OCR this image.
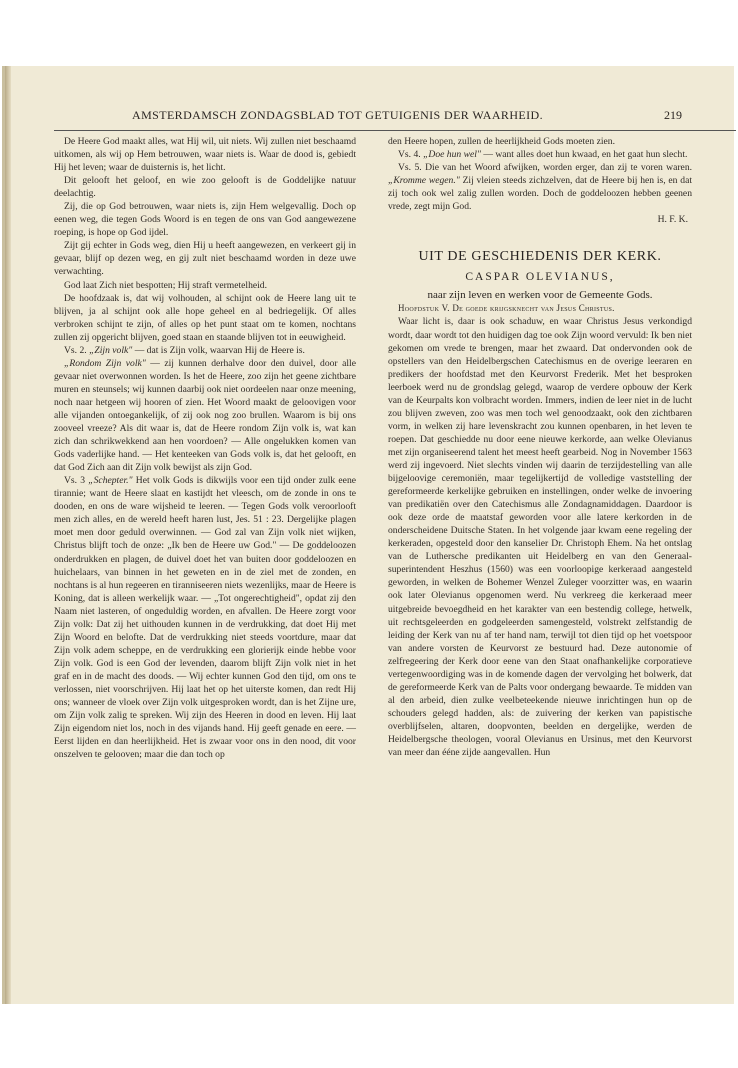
AMSTERDAMSCH ZONDAGSBLAD TOT GETUIGENIS DER WAARHEID.	219

De Heere God maakt alles, wat Hij wil, uit niets. Wij zullen niet beschaamd uitkomen, als wij op Hem betrouwen, waar niets is. Waar de dood is, gebiedt Hij het leven; waar de duisternis is, het licht.

Dit gelooft het geloof, en wie zoo gelooft is de Goddelijke natuur deelachtig.

Zij, die op God betrouwen, waar niets is, zijn Hem welgevallig. Doch op eenen weg, die tegen Gods Woord is en tegen de ons van God aangewezene roeping, is hope op God ijdel.

Zijt gij echter in Gods weg, dien Hij u heeft aangewezen, en verkeert gij in gevaar, blijf op dezen weg, en gij zult niet beschaamd worden in deze uwe verwachting.

God laat Zich niet bespotten; Hij straft vermetelheid.

De hoofdzaak is, dat wij volhouden, al schijnt ook de Heere lang uit te blijven, ja al schijnt ook alle hope geheel en al bedriegelijk. Of alles verbroken schijnt te zijn, of alles op het punt staat om te komen, nochtans zullen zij opgericht blijven, goed staan en staande blijven tot in eeuwigheid.

Vs. 2. „Zijn volk" — dat is Zijn volk, waarvan Hij de Heere is.

„Rondom Zijn volk" — zij kunnen derhalve door den duivel, door alle gevaar niet overwonnen worden. Is het de Heere, zoo zijn het geene zichtbare muren en steunsels; wij kunnen daarbij ook niet oordeelen naar onze meening, noch naar hetgeen wij hooren of zien. Het Woord maakt de geloovigen voor alle vijanden ontoegankelijk, of zij ook nog zoo brullen. Waarom is bij ons zooveel vreeze? Als dit waar is, dat de Heere rondom Zijn volk is, wat kan zich dan schrikwekkend aan hen voordoen? — Alle ongelukken komen van Gods vaderlijke hand. — Het kenteeken van Gods volk is, dat het gelooft, en dat God Zich aan dit Zijn volk bewijst als zijn God.

Vs. 3 „Schepter." Het volk Gods is dikwijls voor een tijd onder zulk eene tirannie; want de Heere slaat en kastijdt het vleesch, om de zonde in ons te dooden, en ons de ware wijsheid te leeren. — Tegen Gods volk veroorlooft men zich alles, en de wereld heeft haren lust, Jes. 51 : 23. Dergelijke plagen moet men door geduld overwinnen. — God zal van Zijn volk niet wijken, Christus blijft toch de onze: „Ik ben de Heere uw God." — De goddeloozen onderdrukken en plagen, de duivel doet het van buiten door goddeloozen en huichelaars, van binnen in het geweten en in de ziel met de zonden, en nochtans is al hun regeeren en tiranniseeren niets wezenlijks, maar de Heere is Koning, dat is alleen werkelijk waar. — „Tot ongerechtigheid", opdat zij den Naam niet lasteren, of ongeduldig worden, en afvallen. De Heere zorgt voor Zijn volk: Dat zij het uithouden kunnen in de verdrukking, dat doet Hij met Zijn Woord en belofte. Dat de verdrukking niet steeds voortdure, maar dat Zijn volk adem scheppe, en de verdrukking een glorierijk einde hebbe voor Zijn volk. God is een God der levenden, daarom blijft Zijn volk niet in het graf en in de macht des doods. — Wij echter kunnen God den tijd, om ons te verlossen, niet voorschrijven. Hij laat het op het uiterste komen, dan redt Hij ons; wanneer de vloek over Zijn volk uitgesproken wordt, dan is het Zijne ure, om Zijn volk zalig te spreken. Wij zijn des Heeren in dood en leven. Hij laat Zijn eigendom niet los, noch in des vijands hand. Hij geeft genade en eere. — Eerst lijden en dan heerlijkheid. Het is zwaar voor ons in den nood, dit voor onszelven te gelooven; maar die dan toch op

den Heere hopen, zullen de heerlijkheid Gods moeten zien.

Vs. 4. „Doe hun wel" — want alles doet hun kwaad, en het gaat hun slecht.

Vs. 5. Die van het Woord afwijken, worden erger, dan zij te voren waren. „Kromme wegen." Zij vleien steeds zichzelven, dat de Heere bij hen is, en dat zij toch ook wel zalig zullen worden. Doch de goddeloozen hebben geenen vrede, zegt mijn God.

H. F. K.

UIT DE GESCHIEDENIS DER KERK.
CASPAR OLEVIANUS,
naar zijn leven en werken voor de Gemeente Gods.

Hoofdstuk V. De goede krijgsknecht van Jesus Christus.

Waar licht is, daar is ook schaduw, en waar Christus Jesus verkondigd wordt, daar wordt tot den huidigen dag toe ook Zijn woord vervuld: Ik ben niet gekomen om vrede te brengen, maar het zwaard. Dat ondervonden ook de opstellers van den Heidelbergschen Catechismus en de overige leeraren en predikers der hoofdstad met den Keurvorst Frederik. Met het besproken leerboek werd nu de grondslag gelegd, waarop de verdere opbouw der Kerk van de Keurpalts kon volbracht worden. Immers, indien de leer niet in de lucht zou blijven zweven, zoo was men toch wel genoodzaakt, ook den zichtbaren vorm, in welken zij hare levenskracht zou kunnen openbaren, in het leven te roepen. Dat geschiedde nu door eene nieuwe kerkorde, aan welke Olevianus met zijn organiseerend talent het meest heeft gearbeid. Nog in November 1563 werd zij ingevoerd. Niet slechts vinden wij daarin de terzijdestelling van alle bijgeloovige ceremoniën, maar tegelijkertijd de volledige vaststelling der gereformeerde kerkelijke gebruiken en instellingen, onder welke de invoering van predikatiën over den Catechismus alle Zondagnamiddagen. Daardoor is ook deze orde de maatstaf geworden voor alle latere kerkorden in de onderscheidene Duitsche Staten. In het volgende jaar kwam eene regeling der kerkeraden, opgesteld door den kanselier Dr. Christoph Ehem. Na het ontslag van de Luthersche predikanten uit Heidelberg en van den Generaal-superintendent Heszhus (1560) was een voorloopige kerkeraad aangesteld geworden, in welken de Bohemer Wenzel Zuleger voorzitter was, en waarin ook later Olevianus opgenomen werd. Nu verkreeg die kerkeraad meer uitgebreide bevoegdheid en het karakter van een bestendig college, hetwelk, uit rechtsgeleerden en godgeleerden samengesteld, volstrekt zelfstandig de leiding der Kerk van nu af ter hand nam, terwijl tot dien tijd op het voetspoor van andere vorsten de Keurvorst ze bestuurd had. Deze autonomie of zelfregeering der Kerk door eene van den Staat onafhankelijke corporatieve vertegenwoordiging was in de komende dagen der vervolging het bolwerk, dat de gereformeerde Kerk van de Palts voor ondergang bewaarde. Te midden van al den arbeid, dien zulke veelbeteekende nieuwe inrichtingen hun op de schouders gelegd hadden, als: de zuivering der kerken van papistische overblijfselen, altaren, doopvonten, beelden en dergelijke, werden de Heidelbergsche theologen, vooral Olevianus en Ursinus, met den Keurvorst van meer dan ééne zijde aangevallen. Hun
